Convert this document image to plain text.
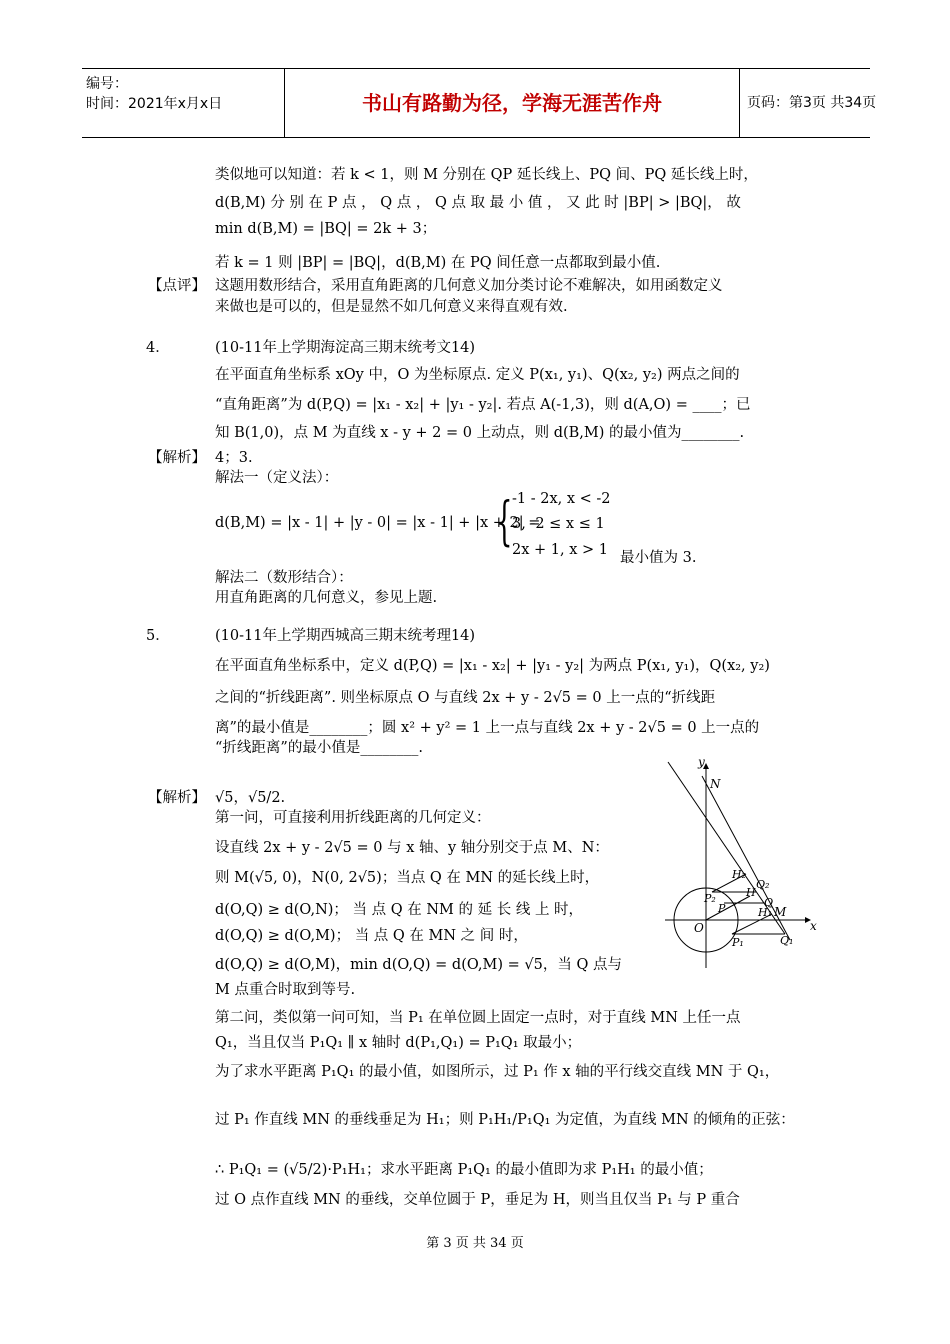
编号：
时间：2021年x月x日	书山有路勤为径，学海无涯苦作舟	页码：第3页 共34页
类似地可以知道：若 k < 1，则 M 分别在 QP 延长线上、PQ 间、PQ 延长线上时，
d(B,M) 分 别 在 P 点 ， Q 点 ， Q 点 取 最 小 值 ， 又 此 时 |BP| > |BQ|， 故
min d(B,M) = |BQ| = 2k + 3；
若 k = 1 则 |BP| = |BQ|，d(B,M) 在 PQ 间任意一点都取到最小值.
【点评】 这题用数形结合，采用直角距离的几何意义加分类讨论不难解决，如用函数定义
来做也是可以的，但是显然不如几何意义来得直观有效.
4．	(10-11年上学期海淀高三期末统考文14)
在平面直角坐标系 xOy 中，O 为坐标原点. 定义 P(x₁, y₁)、Q(x₂, y₂) 两点之间的
“直角距离”为 d(P,Q) = |x₁ - x₂| + |y₁ - y₂|. 若点 A(-1,3)，则 d(A,O) = ____；已
知 B(1,0)，点 M 为直线 x - y + 2 = 0 上动点，则 d(B,M) 的最小值为________.
【解析】 4；3.
解法一（定义法）：
d(B,M) = |x - 1| + |y - 0| = |x - 1| + |x + 2| =
{ -1 - 2x, x < -2
3, -2 ≤ x ≤ 1
2x + 1, x > 1 最小值为 3.
解法二（数形结合）：
用直角距离的几何意义，参见上题.
5．	(10-11年上学期西城高三期末统考理14)
在平面直角坐标系中，定义 d(P,Q) = |x₁ - x₂| + |y₁ - y₂| 为两点 P(x₁, y₁)，Q(x₂, y₂)
之间的“折线距离”. 则坐标原点 O 与直线 2x + y - 2√5 = 0 上一点的“折线距
离”的最小值是________；圆 x² + y² = 1 上一点与直线 2x + y - 2√5 = 0 上一点的
“折线距离”的最小值是________.
【解析】 √5，√5/2.
第一问，可直接利用折线距离的几何定义：
设直线 2x + y - 2√5 = 0 与 x 轴、y 轴分别交于点 M、N：
则 M(√5, 0)，N(0, 2√5)；当点 Q 在 MN 的延长线上时，
d(O,Q) ≥ d(O,N)； 当 点 Q 在 NM 的 延 长 线 上 时，
d(O,Q) ≥ d(O,M)； 当 点 Q 在 MN 之 间 时，
d(O,Q) ≥ d(O,M)，min d(O,Q) = d(O,M) = √5，当 Q 点与
M 点重合时取到等号.
第二问，类似第一问可知，当 P₁ 在单位圆上固定一点时，对于直线 MN 上任一点
Q₁，当且仅当 P₁Q₁ ∥ x 轴时 d(P₁,Q₁) = P₁Q₁ 取最小；
为了求水平距离 P₁Q₁ 的最小值，如图所示，过 P₁ 作 x 轴的平行线交直线 MN 于 Q₁，
过 P₁ 作直线 MN 的垂线垂足为 H₁；则 P₁H₁/P₁Q₁ 为定值，为直线 MN 的倾角的正弦：
∴ P₁Q₁ = (√5/2)·P₁H₁；求水平距离 P₁Q₁ 的最小值即为求 P₁H₁ 的最小值；
过 O 点作直线 MN 的垂线，交单位圆于 P，垂足为 H，则当且仅当 P₁ 与 P 重合
y
x
O
N
M
H
H₁
H₂
P
P₁
P₂	Q
Q₁
Q₂
第 3 页 共 34 页
